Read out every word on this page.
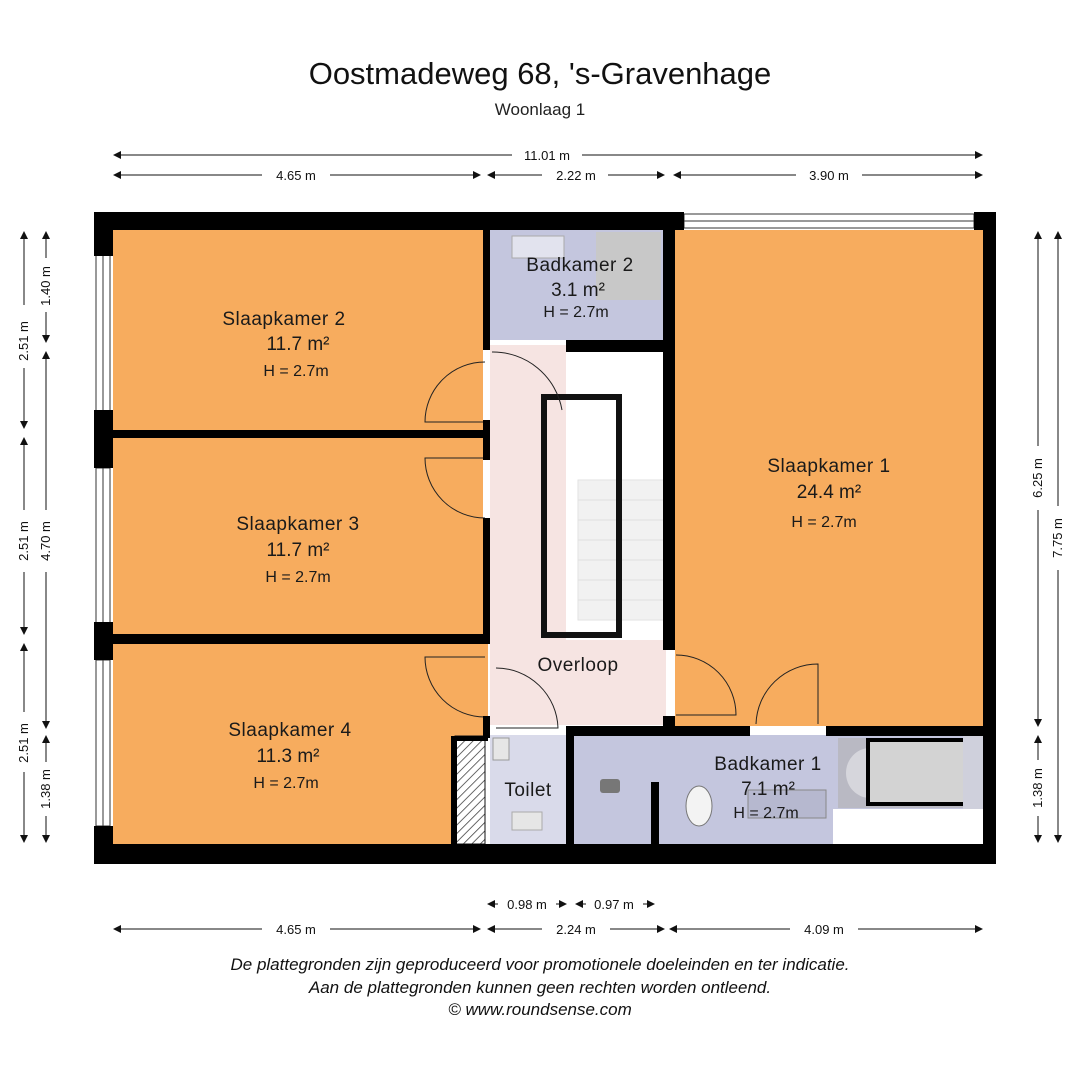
Oostmadeweg 68, 's-Gravenhage
Woonlaag 1
11.01 m
4.65 m	2.22 m	3.90 m
0.98 m	0.97 m
4.65 m	2.24 m	4.09 m
2.51 m
2.51 m
2.51 m
1.40 m
4.70 m
1.38 m
6.25 m
1.38 m
7.75 m
Slaapkamer 2
11.7 m²
H = 2.7m
Slaapkamer 3
11.7 m²
H = 2.7m
Slaapkamer 4
11.3 m²
H = 2.7m
Slaapkamer 1
24.4 m²
H = 2.7m
Badkamer 2
3.1 m²
H = 2.7m
Badkamer 1
7.1 m²
H = 2.7m
Overloop
Toilet
De plattegronden zijn geproduceerd voor promotionele doeleinden en ter indicatie.
Aan de plattegronden kunnen geen rechten worden ontleend.
© www.roundsense.com
